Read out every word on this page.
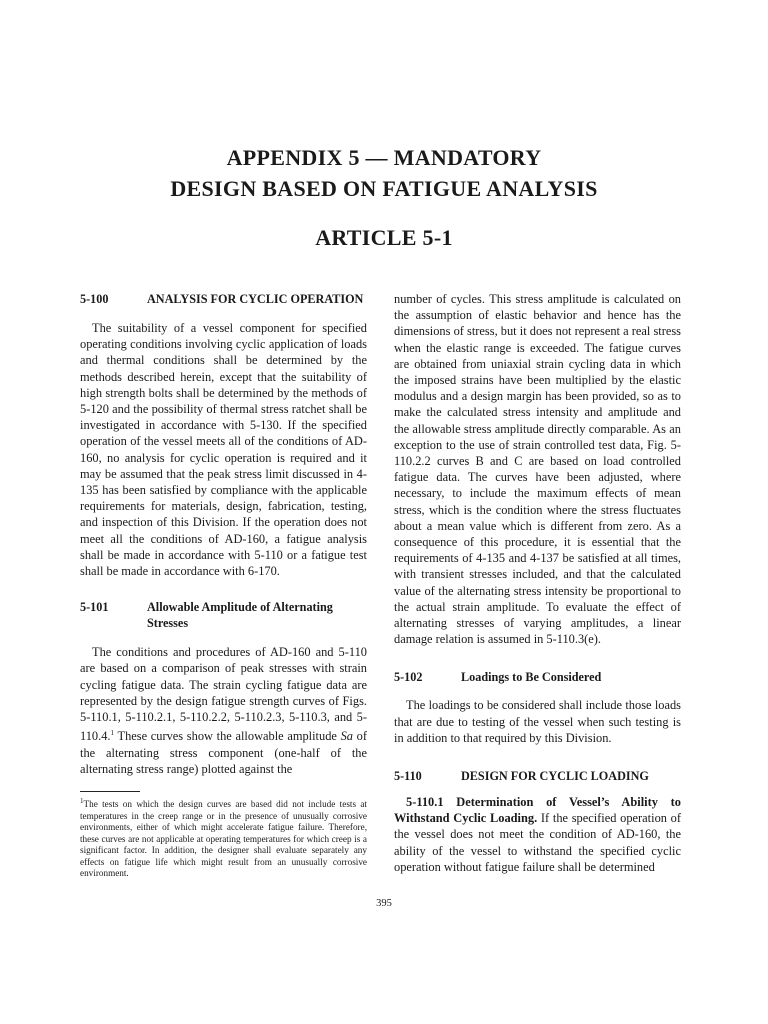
APPENDIX 5 — MANDATORY
DESIGN BASED ON FATIGUE ANALYSIS
ARTICLE 5-1
5-100	ANALYSIS FOR CYCLIC OPERATION

The suitability of a vessel component for specified operating conditions involving cyclic application of loads and thermal conditions shall be determined by the methods described herein, except that the suitability of high strength bolts shall be determined by the methods of 5-120 and the possibility of thermal stress ratchet shall be investigated in accordance with 5-130. If the specified operation of the vessel meets all of the conditions of AD-160, no analysis for cyclic operation is required and it may be assumed that the peak stress limit discussed in 4-135 has been satisfied by compliance with the applicable requirements for materials, design, fabrication, testing, and inspection of this Division. If the operation does not meet all the conditions of AD-160, a fatigue analysis shall be made in accordance with 5-110 or a fatigue test shall be made in accordance with 6-170.

5-101	Allowable Amplitude of Alternating Stresses

The conditions and procedures of AD-160 and 5-110 are based on a comparison of peak stresses with strain cycling fatigue data. The strain cycling fatigue data are represented by the design fatigue strength curves of Figs. 5-110.1, 5-110.2.1, 5-110.2.2, 5-110.2.3, 5-110.3, and 5-110.4.$^1$ These curves show the allowable amplitude Sa of the alternating stress component (one-half of the alternating stress range) plotted against the

$^1$The tests on which the design curves are based did not include tests at temperatures in the creep range or in the presence of unusually corrosive environments, either of which might accelerate fatigue failure. Therefore, these curves are not applicable at operating temperatures for which creep is a significant factor. In addition, the designer shall evaluate separately any effects on fatigue life which might result from an unusually corrosive environment.

number of cycles. This stress amplitude is calculated on the assumption of elastic behavior and hence has the dimensions of stress, but it does not represent a real stress when the elastic range is exceeded. The fatigue curves are obtained from uniaxial strain cycling data in which the imposed strains have been multiplied by the elastic modulus and a design margin has been provided, so as to make the calculated stress intensity and amplitude and the allowable stress amplitude directly comparable. As an exception to the use of strain controlled test data, Fig. 5-110.2.2 curves B and C are based on load controlled fatigue data. The curves have been adjusted, where necessary, to include the maximum effects of mean stress, which is the condition where the stress fluctuates about a mean value which is different from zero. As a consequence of this procedure, it is essential that the requirements of 4-135 and 4-137 be satisfied at all times, with transient stresses included, and that the calculated value of the alternating stress intensity be proportional to the actual strain amplitude. To evaluate the effect of alternating stresses of varying amplitudes, a linear damage relation is assumed in 5-110.3(e).

5-102	Loadings to Be Considered

The loadings to be considered shall include those loads that are due to testing of the vessel when such testing is in addition to that required by this Division.

5-110	DESIGN FOR CYCLIC LOADING

5-110.1 Determination of Vessel’s Ability to Withstand Cyclic Loading. If the specified operation of the vessel does not meet the condition of AD-160, the ability of the vessel to withstand the specified cyclic operation without fatigue failure shall be determined

395
